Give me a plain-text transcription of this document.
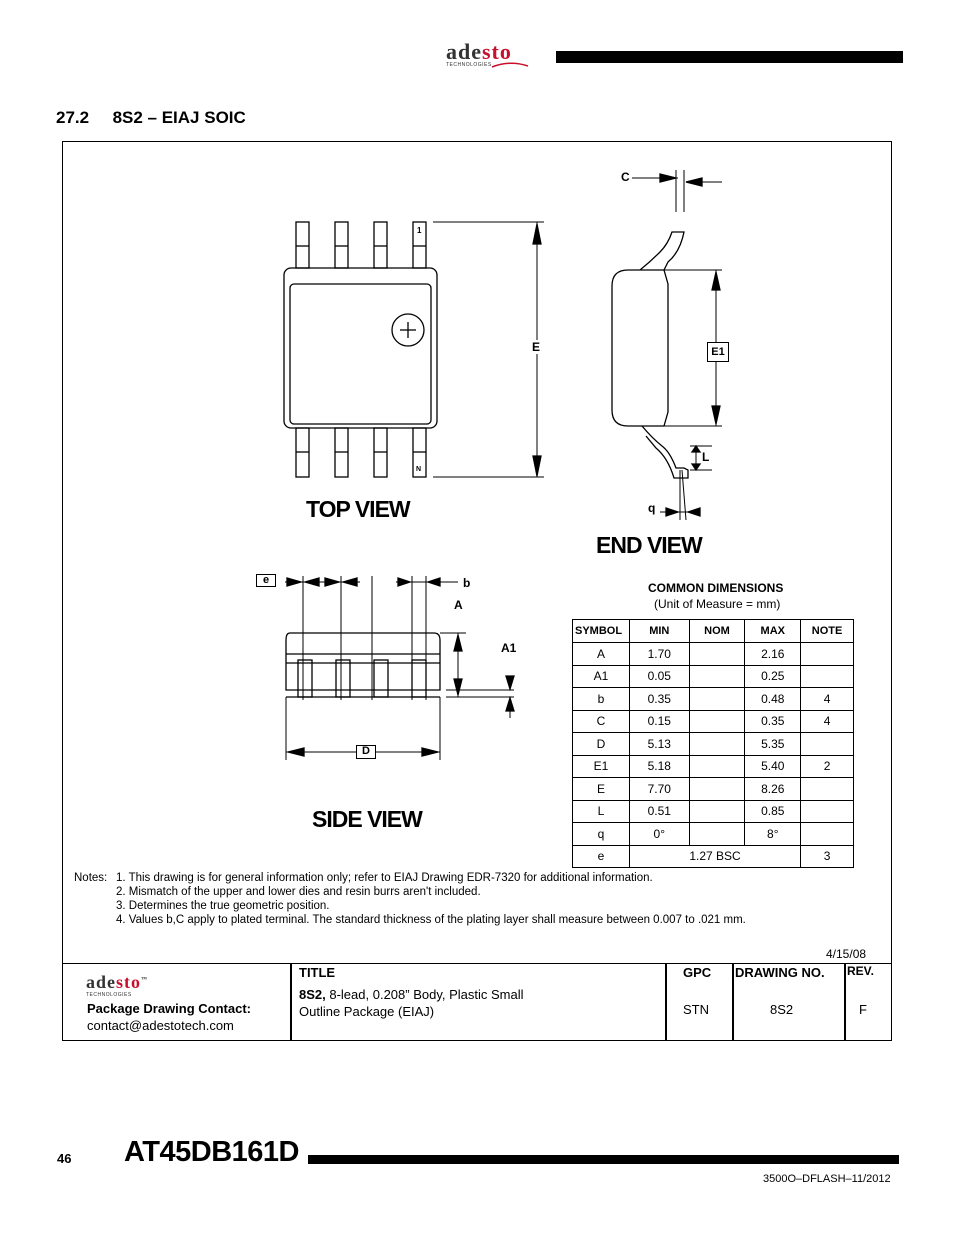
adesto
TECHNOLOGIES
27.2 8S2 – EIAJ SOIC
1
N
E	E1
C
L
q
e	b
A
A1
D
TOP VIEW
END VIEW
SIDE VIEW
COMMON DIMENSIONS
(Unit of Measure = mm)
SYMBOL	MIN	NOM	MAX	NOTE
A	1.70		2.16	
A1	0.05		0.25	
b	0.35		0.48	4
C	0.15		0.35	4
D	5.13		5.35	
E1	5.18		5.40	2
E	7.70		8.26	
L	0.51		0.85	
q	0°		8°	
e	1.27 BSC			3
Notes: 1. This drawing is for general information only; refer to EIAJ Drawing EDR-7320 for additional information.
2. Mismatch of the upper and lower dies and resin burrs aren't included.
3. Determines the true geometric position.
4. Values b,C apply to plated terminal. The standard thickness of the plating layer shall measure between 0.007 to .021 mm.
4/15/08
adesto™
TECHNOLOGIES
Package Drawing Contact:
contact@adestotech.com
TITLE
8S2, 8-lead, 0.208” Body, Plastic Small
Outline Package (EIAJ)
GPC
STN
DRAWING NO.
8S2
REV.
F
46 AT45DB161D
3500O–DFLASH–11/2012
